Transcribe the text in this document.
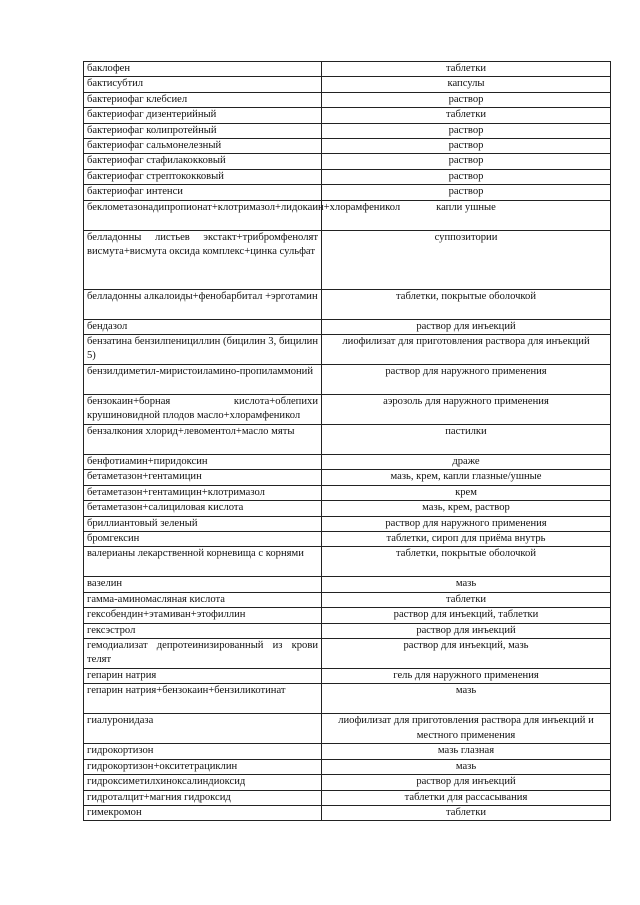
баклофен	таблетки
бактисубтил	капсулы
бактериофаг клебсиел	раствор
бактериофаг дизентерийный	таблетки
бактериофаг колипротейный	раствор
бактериофаг сальмонелезный	раствор
бактериофаг стафилакокковый	раствор
бактериофаг стрептококковый	раствор
бактериофаг интенси	раствор
беклометазонадипропионат+клотримазол+лидокаин+хлорамфеникол	капли ушные
белладонны листьев экстакт+трибромфенолят висмута+висмута оксида комплекс+цинка сульфат	суппозитории
белладонны алкалоиды+фенобарбитал +эрготамин	таблетки, покрытые оболочкой
бендазол	раствор для инъекций
бензатина бензилпенициллин (бицилин 3, бицилин 5)	лиофилизат для приготовления раствора для инъекций
бензилдиметил-миристоиламино-пропиламмоний	раствор для наружного применения
бензокаин+борная кислота+облепихи крушиновидной плодов масло+хлорамфеникол	аэрозоль для наружного применения
бензалкония хлорид+левоментол+масло мяты	пастилки
бенфотиамин+пиридоксин	драже
бетаметазон+гентамицин	мазь, крем, капли глазные/ушные
бетаметазон+гентамицин+клотримазол	крем
бетаметазон+салициловая кислота	мазь, крем, раствор
бриллиантовый зеленый	раствор для наружного применения
бромгексин	таблетки, сироп для приёма внутрь
валерианы лекарственной корневища с корнями	таблетки, покрытые оболочкой
вазелин	мазь
гамма-аминомасляная кислота	таблетки
гексобендин+этамиван+этофиллин	раствор для инъекций, таблетки
гексэстрол	раствор для инъекций
гемодиализат депротеинизированный из крови телят	раствор для инъекций, мазь
гепарин натрия	гель для наружного применения
гепарин натрия+бензокаин+бензиликотинат	мазь
гиалуронидаза	лиофилизат для приготовления раствора для инъекций и местного применения
гидрокортизон	мазь глазная
гидрокортизон+окситетрациклин	мазь
гидроксиметилхиноксалиндиоксид	раствор для инъекций
гидроталцит+магния гидроксид	таблетки для рассасывания
гимекромон	таблетки
